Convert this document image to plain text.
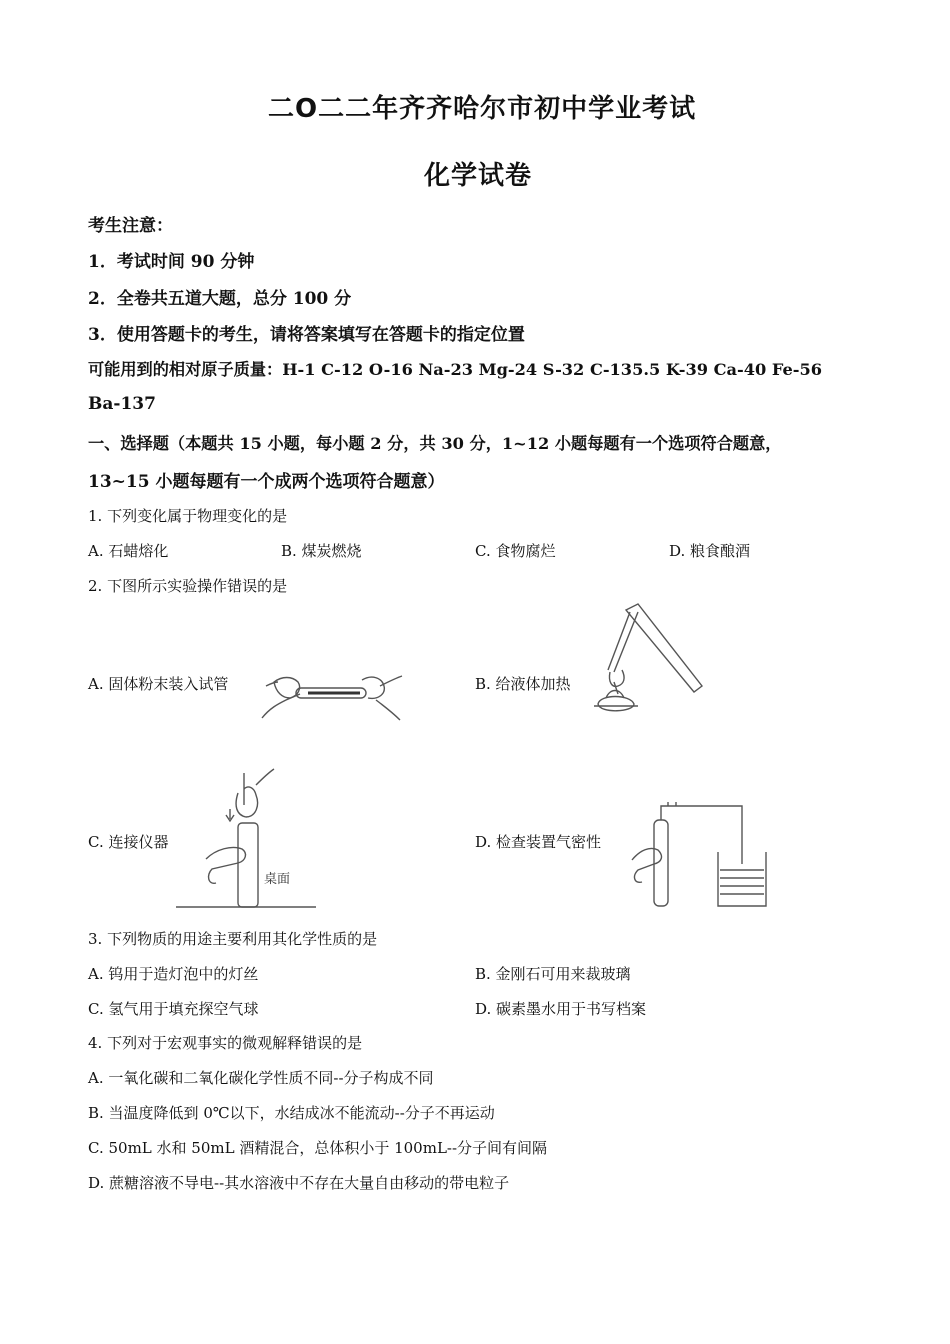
二O二二年齐齐哈尔市初中学业考试
化学试卷
考生注意：
1．考试时间 90 分钟
2．全卷共五道大题，总分 100 分
3．使用答题卡的考生，请将答案填写在答题卡的指定位置
可能用到的相对原子质量：H-1 C-12 O-16 Na-23 Mg-24 S-32 C-135.5 K-39 Ca-40 Fe-56
Ba-137
一、选择题（本题共 15 小题，每小题 2 分，共 30 分，1~12 小题每题有一个选项符合题意，
13~15 小题每题有一个成两个选项符合题意）
1. 下列变化属于物理变化的是
A. 石蜡熔化	B. 煤炭燃烧	C. 食物腐烂	D. 粮食酿酒
2. 下图所示实验操作错误的是
A. 固体粉末装入试管	B. 给液体加热
C. 连接仪器	D. 检查装置气密性
桌面
3. 下列物质的用途主要利用其化学性质的是
A. 钨用于造灯泡中的灯丝	B. 金刚石可用来裁玻璃
C. 氢气用于填充探空气球	D. 碳素墨水用于书写档案
4. 下列对于宏观事实的微观解释错误的是
A. 一氧化碳和二氧化碳化学性质不同--分子构成不同
B. 当温度降低到 0℃以下，水结成冰不能流动--分子不再运动
C. 50mL 水和 50mL 酒精混合，总体积小于 100mL--分子间有间隔
D. 蔗糖溶液不导电--其水溶液中不存在大量自由移动的带电粒子
